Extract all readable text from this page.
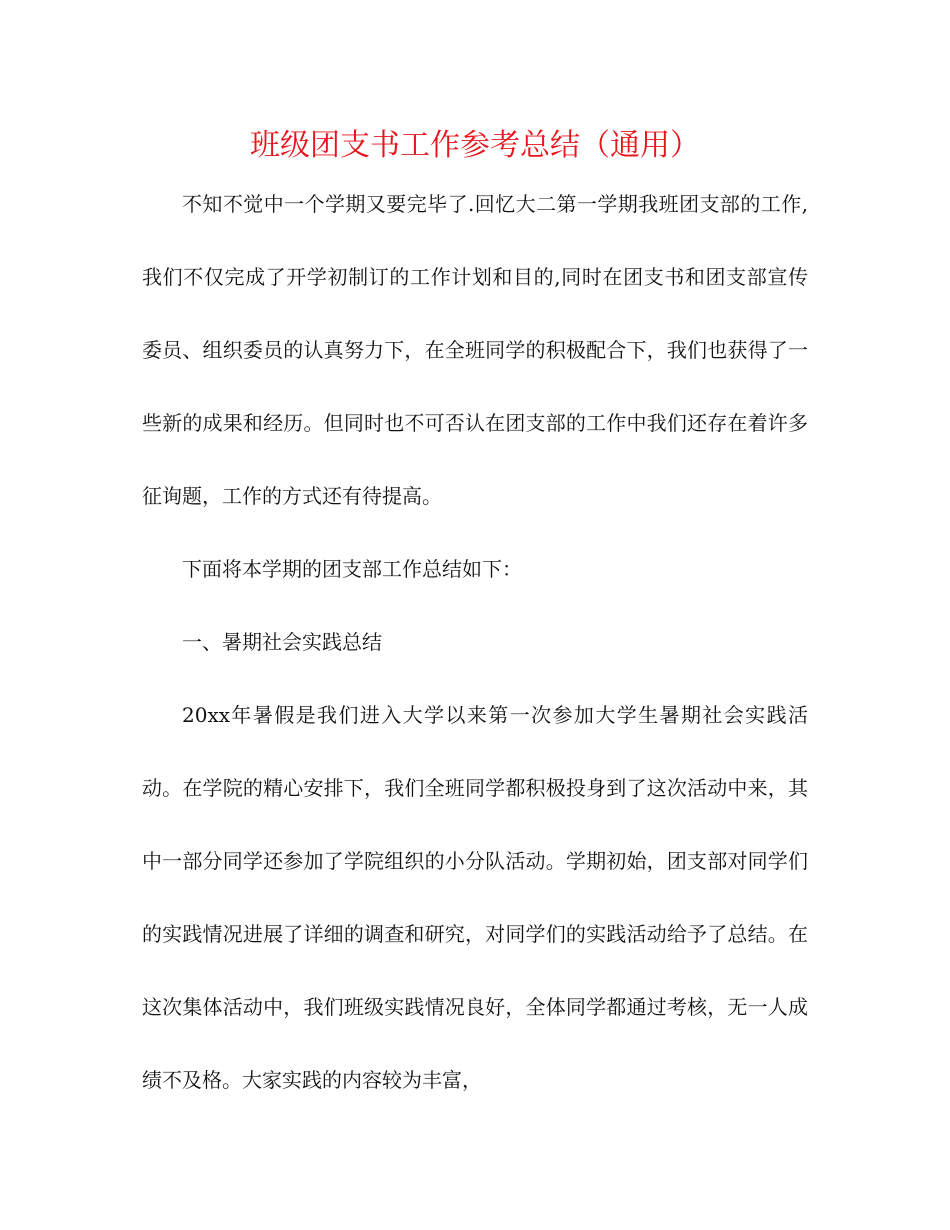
班级团支书工作参考总结（通用）

不知不觉中一个学期又要完毕了.回忆大二第一学期我班团支部的工作,我们不仅完成了开学初制订的工作计划和目的,同时在团支书和团支部宣传委员、组织委员的认真努力下，在全班同学的积极配合下，我们也获得了一些新的成果和经历。但同时也不可否认在团支部的工作中我们还存在着许多征询题，工作的方式还有待提高。

下面将本学期的团支部工作总结如下：

一、暑期社会实践总结

20xx年暑假是我们进入大学以来第一次参加大学生暑期社会实践活动。在学院的精心安排下，我们全班同学都积极投身到了这次活动中来，其中一部分同学还参加了学院组织的小分队活动。学期初始，团支部对同学们的实践情况进展了详细的调查和研究，对同学们的实践活动给予了总结。在这次集体活动中，我们班级实践情况良好，全体同学都通过考核，无一人成绩不及格。大家实践的内容较为丰富，
